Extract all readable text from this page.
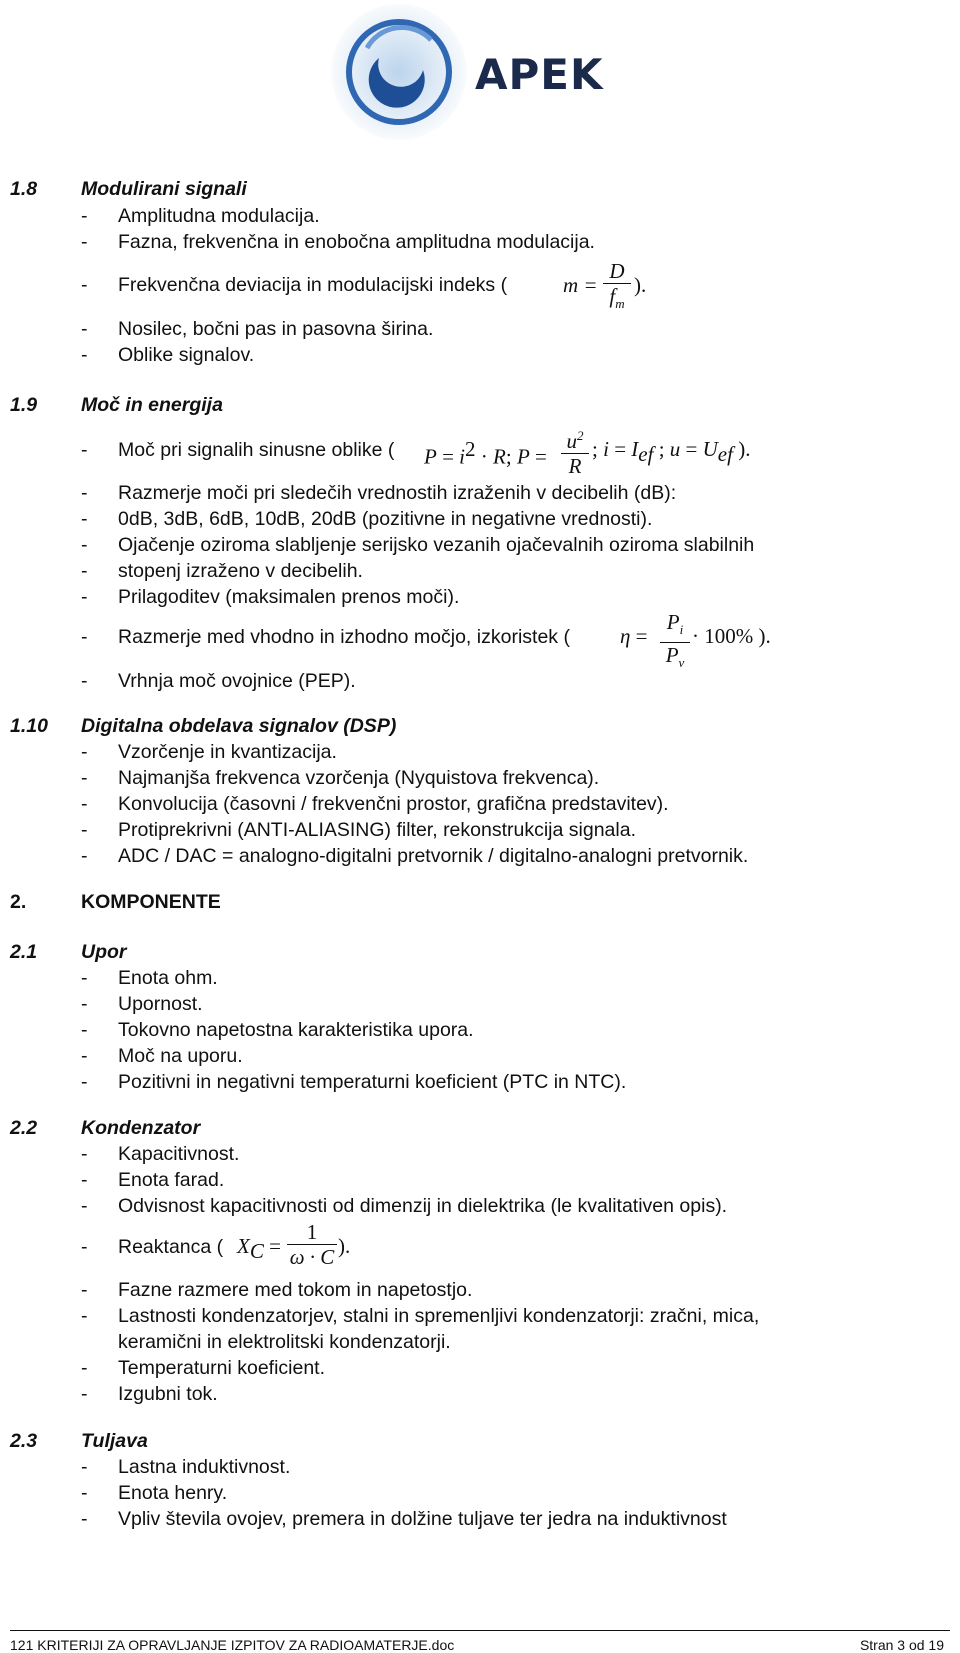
APEK
1.8 Modulirani signali
- Amplitudna modulacija.
- Fazna, frekvenčna in enobočna amplitudna modulacija.
- Frekvenčna deviacija in modulacijski indeks (	$m = \frac{D}{f_m}$ ).
- Nosilec, bočni pas in pasovna širina.
- Oblike signalov.
1.9 Moč in energija
- Moč pri signalih sinusne oblike ( $P = i^2 \cdot R$; $P = \frac{u^2}{R}$ ; $i = I_{ef}$ ; $u = U_{ef}$ ).
- Razmerje moči pri sledečih vrednostih izraženih v decibelih (dB):
- 0dB, 3dB, 6dB, 10dB, 20dB (pozitivne in negativne vrednosti).
- Ojačenje oziroma slabljenje serijsko vezanih ojačevalnih oziroma slabilnih
- stopenj izraženo v decibelih.
- Prilagoditev (maksimalen prenos moči).
- Razmerje med vhodno in izhodno močjo, izkoristek ( $\eta = \frac{P_i}{P_v} \cdot 100\%$ ).
- Vrhnja moč ovojnice (PEP).
1.10 Digitalna obdelava signalov (DSP)
- Vzorčenje in kvantizacija.
- Najmanjša frekvenca vzorčenja (Nyquistova frekvenca).
- Konvolucija (časovni / frekvenčni prostor, grafična predstavitev).
- Protiprekrivni (ANTI-ALIASING) filter, rekonstrukcija signala.
- ADC / DAC = analogno-digitalni pretvornik / digitalno-analogni pretvornik.
2.	KOMPONENTE
2.1 Upor
- Enota ohm.
- Upornost.
- Tokovno napetostna karakteristika upora.
- Moč na uporu.
- Pozitivni in negativni temperaturni koeficient (PTC in NTC).
2.2 Kondenzator
- Kapacitivnost.
- Enota farad.
- Odvisnost kapacitivnosti od dimenzij in dielektrika (le kvalitativen opis).
- Reaktanca ( $X_C = \frac{1}{\omega \cdot C}$ ).
- Fazne razmere med tokom in napetostjo.
- Lastnosti kondenzatorjev, stalni in spremenljivi kondenzatorji: zračni, mica,
keramični in elektrolitski kondenzatorji.
- Temperaturni koeficient.
- Izgubni tok.
2.3 Tuljava
- Lastna induktivnost.
- Enota henry.
- Vpliv števila ovojev, premera in dolžine tuljave ter jedra na induktivnost
121 KRITERIJI ZA OPRAVLJANJE IZPITOV ZA RADIOAMATERJE.doc	Stran 3 od 19
